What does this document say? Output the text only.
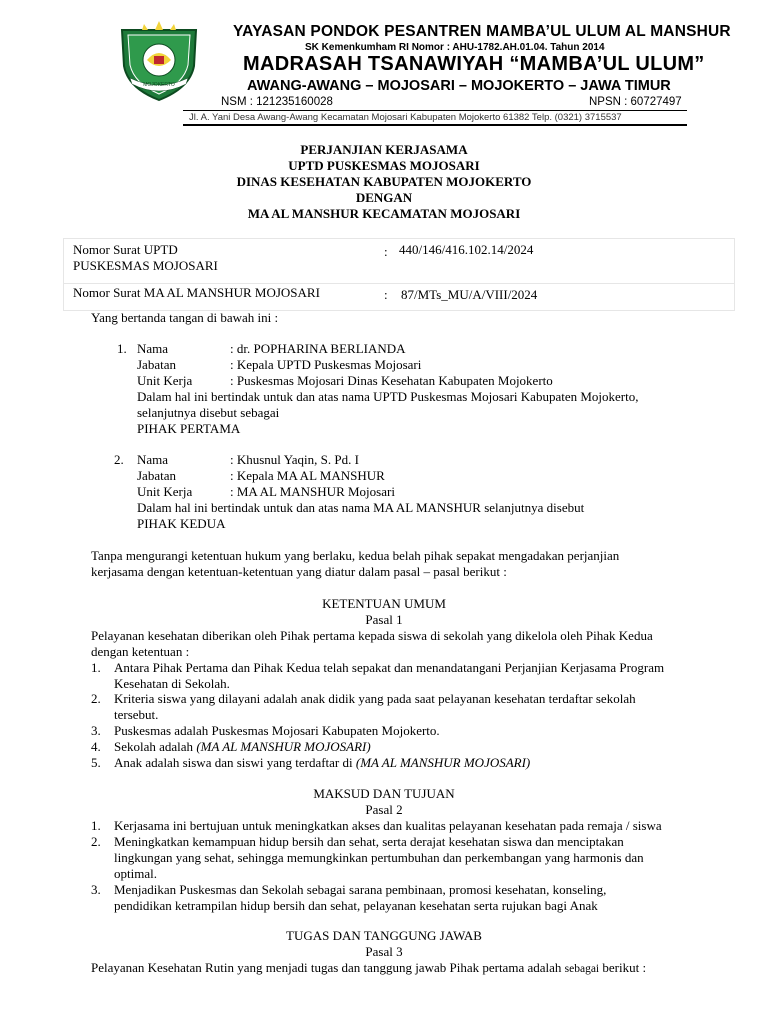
MOJOKERTO
YAYASAN PONDOK PESANTREN MAMBA’UL ULUM AL MANSHUR
SK Kemenkumham RI Nomor : AHU-1782.AH.01.04. Tahun 2014
MADRASAH TSANAWIYAH “MAMBA’UL ULUM”
AWANG-AWANG – MOJOSARI – MOJOKERTO – JAWA TIMUR
NSM : 121235160028	NPSN : 60727497
Jl. A. Yani Desa Awang-Awang Kecamatan Mojosari Kabupaten Mojokerto 61382 Telp. (0321) 3715537
PERJANJIAN KERJASAMA
UPTD PUSKESMAS MOJOSARI
DINAS KESEHATAN KABUPATEN MOJOKERTO
DENGAN
MA AL MANSHUR KECAMATAN MOJOSARI
Nomor Surat UPTD
PUSKESMAS MOJOSARI
: 440/146/416.102.14/2024
Nomor Surat MA AL MANSHUR MOJOSARI	: 87/MTs_MU/A/VIII/2024
Yang bertanda tangan di bawah ini :
1. Nama	: dr. POPHARINA BERLIANDA
Jabatan	: Kepala UPTD Puskesmas Mojosari
Unit Kerja	: Puskesmas Mojosari Dinas Kesehatan Kabupaten Mojokerto
Dalam hal ini bertindak untuk dan atas nama UPTD Puskesmas Mojosari Kabupaten Mojokerto,
selanjutnya disebut sebagai
PIHAK PERTAMA
2. Nama	: Khusnul Yaqin, S. Pd. I
Jabatan	: Kepala MA AL MANSHUR
Unit Kerja	: MA AL MANSHUR Mojosari
Dalam hal ini bertindak untuk dan atas nama MA AL MANSHUR selanjutnya disebut
PIHAK KEDUA
Tanpa mengurangi ketentuan hukum yang berlaku, kedua belah pihak sepakat mengadakan perjanjian
kerjasama dengan ketentuan-ketentuan yang diatur dalam pasal – pasal berikut :
KETENTUAN UMUM
Pasal 1
Pelayanan kesehatan diberikan oleh Pihak pertama kepada siswa di sekolah yang dikelola oleh Pihak Kedua
dengan ketentuan :
1. Antara Pihak Pertama dan Pihak Kedua telah sepakat dan menandatangani Perjanjian Kerjasama Program
Kesehatan di Sekolah.
2. Kriteria siswa yang dilayani adalah anak didik yang pada saat pelayanan kesehatan terdaftar sekolah
tersebut.
3. Puskesmas adalah Puskesmas Mojosari Kabupaten Mojokerto.
4. Sekolah adalah (MA AL MANSHUR MOJOSARI)
5. Anak adalah siswa dan siswi yang terdaftar di (MA AL MANSHUR MOJOSARI)
MAKSUD DAN TUJUAN
Pasal 2
1. Kerjasama ini bertujuan untuk meningkatkan akses dan kualitas pelayanan kesehatan pada remaja / siswa
2. Meningkatkan kemampuan hidup bersih dan sehat, serta derajat kesehatan siswa dan menciptakan
lingkungan yang sehat, sehingga memungkinkan pertumbuhan dan perkembangan yang harmonis dan
optimal.
3. Menjadikan Puskesmas dan Sekolah sebagai sarana pembinaan, promosi kesehatan, konseling,
pendidikan ketrampilan hidup bersih dan sehat, pelayanan kesehatan serta rujukan bagi Anak
TUGAS DAN TANGGUNG JAWAB
Pasal 3
Pelayanan Kesehatan Rutin yang menjadi tugas dan tanggung jawab Pihak pertama adalah sebagai berikut :
